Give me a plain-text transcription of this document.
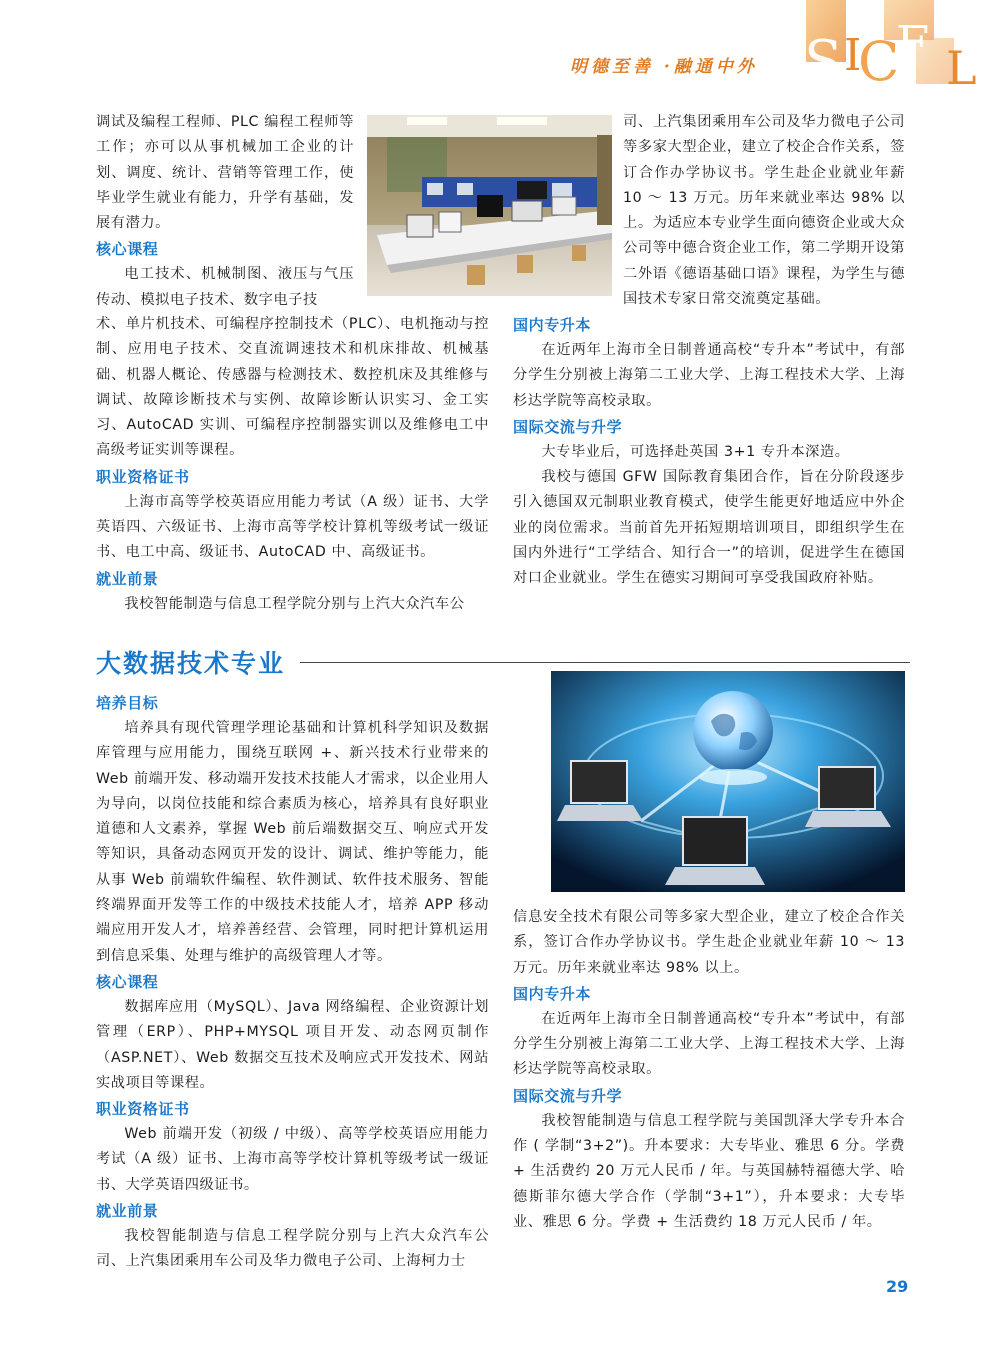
明德至善 ·融通中外 S I
C
F L

调试及编程工程师、PLC 编程工程师等工作；亦可以从事机械加工企业的计划、调度、统计、营销等管理工作，使毕业学生就业有能力，升学有基础，发展有潜力。

核心课程

电工技术、机械制图、液压与气压传动、模拟电子技术、数字电子技

术、单片机技术、可编程序控制技术（PLC）、电机拖动与控制、应用电子技术、交直流调速技术和机床排故、机械基础、机器人概论、传感器与检测技术、数控机床及其维修与调试、故障诊断技术与实例、故障诊断认识实习、金工实习、AutoCAD 实训、可编程序控制器实训以及维修电工中高级考证实训等课程。

职业资格证书

上海市高等学校英语应用能力考试（A 级）证书、大学英语四、六级证书、上海市高等学校计算机等级考试一级证书、电工中高、级证书、AutoCAD 中、高级证书。

就业前景

我校智能制造与信息工程学院分别与上汽大众汽车公

司、上汽集团乘用车公司及华力微电子公司等多家大型企业，建立了校企合作关系，签订合作办学协议书。学生赴企业就业年薪 10 ～ 13 万元。历年来就业率达 98% 以上。为适应本专业学生面向德资企业或大众公司等中德合资企业工作，第二学期开设第二外语《德语基础口语》课程，为学生与德国技术专家日常交流奠定基础。

国内专升本

在近两年上海市全日制普通高校“专升本”考试中，有部分学生分别被上海第二工业大学、上海工程技术大学、上海杉达学院等高校录取。

国际交流与升学

大专毕业后，可选择赴英国 3+1 专升本深造。

我校与德国 GFW 国际教育集团合作，旨在分阶段逐步引入德国双元制职业教育模式，使学生能更好地适应中外企业的岗位需求。当前首先开拓短期培训项目，即组织学生在国内外进行“工学结合、知行合一”的培训，促进学生在德国对口企业就业。学生在德实习期间可享受我国政府补贴。

大数据技术专业

培养目标

培养具有现代管理学理论基础和计算机科学知识及数据库管理与应用能力，围绕互联网 +、新兴技术行业带来的 Web 前端开发、移动端开发技术技能人才需求，以企业用人为导向，以岗位技能和综合素质为核心，培养具有良好职业道德和人文素养，掌握 Web 前后端数据交互、响应式开发等知识，具备动态网页开发的设计、调试、维护等能力，能从事 Web 前端软件编程、软件测试、软件技术服务、智能终端界面开发等工作的中级技术技能人才，培养 APP 移动端应用开发人才，培养善经营、会管理，同时把计算机运用到信息采集、处理与维护的高级管理人才等。

核心课程

数据库应用（MySQL）、Java 网络编程、企业资源计划管理（ERP）、PHP+MYSQL 项目开发、动态网页制作（ASP.NET）、Web 数据交互技术及响应式开发技术、网站实战项目等课程。

职业资格证书

Web 前端开发（初级 / 中级）、高等学校英语应用能力考试（A 级）证书、上海市高等学校计算机等级考试一级证书、大学英语四级证书。

就业前景

我校智能制造与信息工程学院分别与上汽大众汽车公司、上汽集团乘用车公司及华力微电子公司、上海柯力士

信息安全技术有限公司等多家大型企业，建立了校企合作关系，签订合作办学协议书。学生赴企业就业年薪 10 ～ 13 万元。历年来就业率达 98% 以上。

国内专升本

在近两年上海市全日制普通高校“专升本”考试中，有部分学生分别被上海第二工业大学、上海工程技术大学、上海杉达学院等高校录取。

国际交流与升学

我校智能制造与信息工程学院与美国凯泽大学专升本合作 ( 学制“3+2”)。升本要求：大专毕业、雅思 6 分。学费 + 生活费约 20 万元人民币 / 年。与英国赫特福德大学、哈德斯菲尔德大学合作（学制“3+1”），升本要求：大专毕业、雅思 6 分。学费 + 生活费约 18 万元人民币 / 年。

29
